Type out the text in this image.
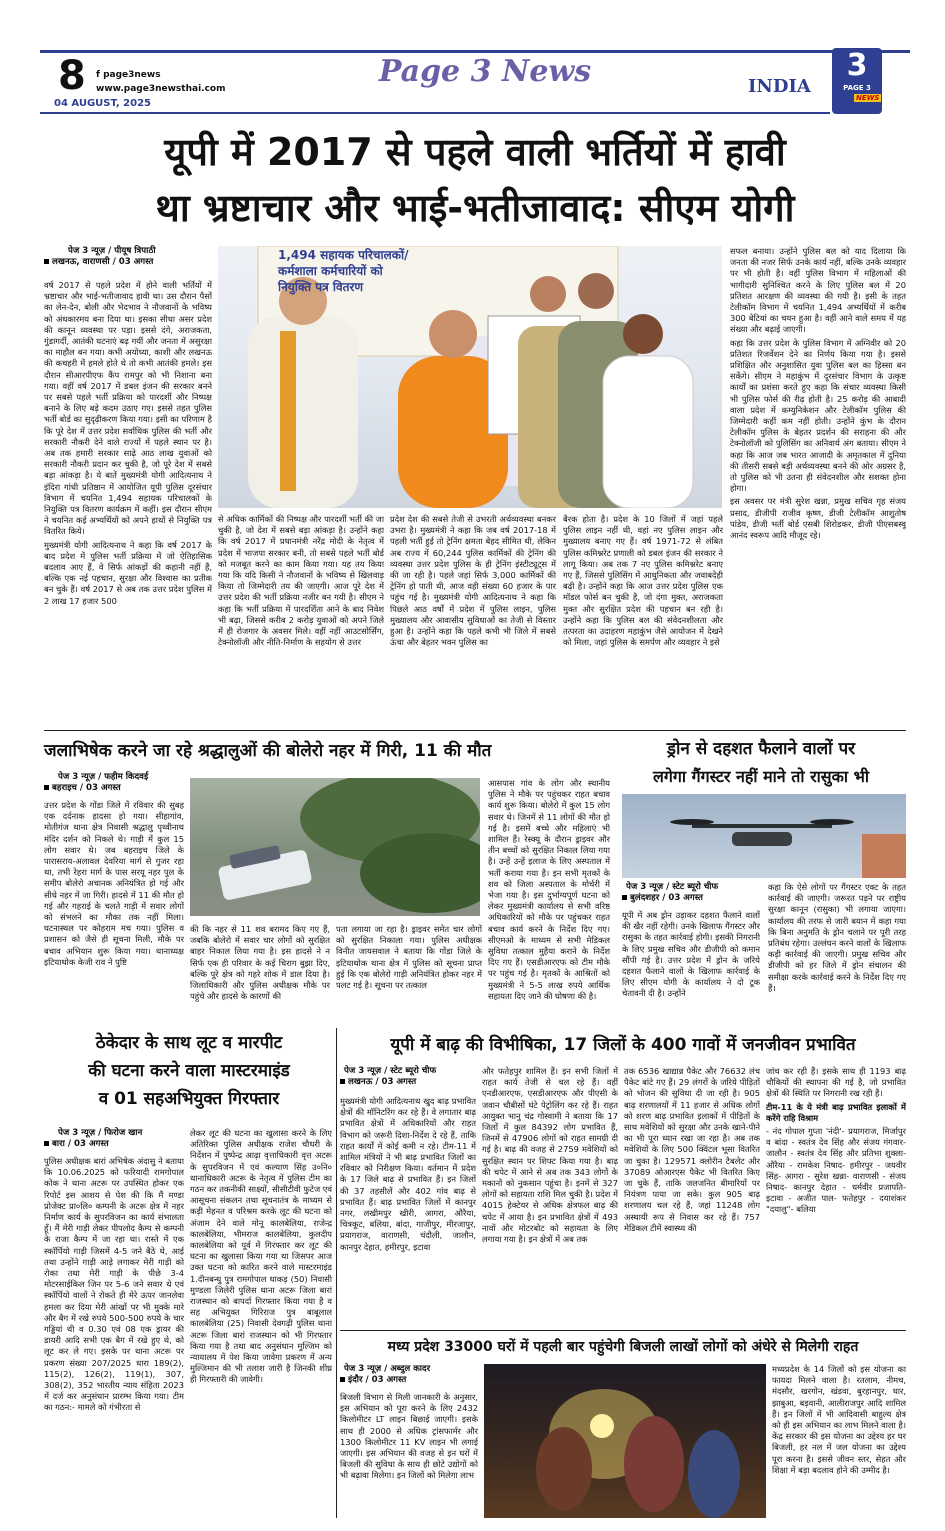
8 f page3news
www.page3newsthai.com
04 AUGUST, 2025
Page 3 News	INDIA
3
PAGE 3
NEWS
यूपी में 2017 से पहले वाली भर्तियों में हावी
था भ्रष्टाचार और भाई-भतीजावाद: सीएम योगी
पेज 3 न्यूज़ / पीयूष त्रिपाठी
लखनऊ, वाराणसी / 03 अगस्त

वर्ष 2017 से पहले प्रदेश में होने वाली भर्तियों में भ्रष्टाचार और भाई-भतीजावाद हावी था। उस दौरान पैसों का लेन-देन, बोली और भेदभाव ने नौजवानों के भविष्य को अंधकारमय बना दिया था। इसका सीधा असर प्रदेश की कानून व्यवस्था पर पड़ा। इससे दंगे, अराजकता, गुंडागर्दी, आतंकी घटनाएं बढ़ गयीं और जनता में असुरक्षा का माहौल बन गया। कभी अयोध्या, काशी और लखनऊ की कचहरी में हमले होते थे तो कभी आतंकी हमले। इस दौरान सीआरपीएफ कैंप रामपुर को भी निशाना बना गया। वहीं वर्ष 2017 में डबल इंजन की सरकार बनने पर सबसे पहले भर्ती प्रक्रिया को पारदर्शी और निष्पक्ष बनाने के लिए बड़े कदम उठाए गए। इससे तहत पुलिस भर्ती बोर्ड का सुदृढ़ीकरण किया गया। इसी का परिणाम है कि पूरे देश में उत्तर प्रदेश सर्वाधिक पुलिस की भर्ती और सरकारी नौकरी देने वाले राज्यों में पहले स्थान पर है। अब तक हमारी सरकार साढ़े आठ लाख युवाओं को सरकारी नौकरी प्रदान कर चुकी है, जो पूरे देश में सबसे बड़ा आंकड़ा है। ये बातें मुख्यमंत्री योगी आदित्यनाथ ने इंदिरा गांधी प्रतिष्ठान में आयोजित यूपी पुलिस दूरसंचार विभाग में चयनित 1,494 सहायक परिचालकों के नियुक्ति पत्र वितरण कार्यक्रम में कहीं। इस दौरान सीएम ने चयनित कई अभ्यर्थियों को अपने हाथों से नियुक्ति पत्र वितरित किये।

मुख्यमंत्री योगी आदित्यनाथ ने कहा कि वर्ष 2017 के बाद प्रदेश में पुलिस भर्ती प्रक्रिया में जो ऐतिहासिक बदलाव आए हैं, वे सिर्फ आंकड़ों की कहानी नहीं हैं, बल्कि एक नई पहचान, सुरक्षा और विश्वास का प्रतीक बन चुके हैं। वर्ष 2017 से अब तक उत्तर प्रदेश पुलिस में 2 लाख 17 हजार 500

1,494 सहायक परिचालकों/
कर्मशाला कर्मचारियों को
नियुक्ति पत्र वितरण
से अधिक कार्मिकों की निष्पक्ष और पारदर्शी भर्ती की जा चुकी है, जो देश में सबसे बड़ा आंकड़ा है। उन्होंने कहा कि वर्ष 2017 में प्रधानमंत्री नरेंद्र मोदी के नेतृत्व में प्रदेश में भाजपा सरकार बनी, तो सबसे पहले भर्ती बोर्ड को मजबूत करने का काम किया गया। यह तय किया गया कि यदि किसी ने नौजवानों के भविष्य से खिलवाड़ किया तो जिम्मेदारी तय की जाएगी। आज पूरे देश में उत्तर प्रदेश की भर्ती प्रक्रिया नजीर बन गयी है। सीएम ने कहा कि भर्ती प्रक्रिया में पारदर्शिता आने के बाद निवेश भी बढ़ा, जिससे करीब 2 करोड़ युवाओं को अपने जिले में ही रोजगार के अवसर मिले। वहीं नहीं आउटसोर्सिंग, टेक्नोलॉजी और नीति-निर्माण के सहयोग से उत्तर
प्रदेश देश की सबसे तेजी से उभरती अर्थव्यवस्था बनकर उभरा है। मुख्यमंत्री ने कहा कि जब वर्ष 2017-18 में पहली भर्ती हुई तो ट्रेनिंग क्षमता बेहद सीमित थी, लेकिन अब राज्य में 60,244 पुलिस कार्मिकों की ट्रेनिंग की व्यवस्था उत्तर प्रदेश पुलिस के ही ट्रेनिंग इंस्टीट्यूट्स में की जा रही है। पहले जहां सिर्फ 3,000 कार्मिकों की ट्रेनिंग हो पाती थी, आज वही संख्या 60 हजार के पार पहुंच गई है। मुख्यमंत्री योगी आदित्यनाथ ने कहा कि पिछले आठ वर्षों में प्रदेश में पुलिस लाइन, पुलिस मुख्यालय और आवासीय सुविधाओं का तेजी से विस्तार हुआ है। उन्होंने कहा कि पहले कभी भी जिले में सबसे ऊंचा और बेहतर भवन पुलिस का
बैरक होता है। प्रदेश के 10 जिलों में जहां पहले पुलिस लाइन नहीं थी, वहां नए पुलिस लाइन और मुख्यालय बनाए गए हैं। वर्ष 1971-72 से लंबित पुलिस कमिश्नरेट प्रणाली को डबल इंजन की सरकार ने लागू किया। अब तक 7 नए पुलिस कमिश्नरेट बनाए गए हैं, जिससे पुलिसिंग में आधुनिकता और जवाबदेही बढ़ी है। उन्होंने कहा कि आज उत्तर प्रदेश पुलिस एक मॉडल फोर्स बन चुकी है, जो दंगा मुक्त, अराजकता मुक्त और सुरक्षित प्रदेश की पहचान बन रही है। उन्होंने कहा कि पुलिस बल की संवेदनशीलता और तत्परता का उदाहरण महाकुंभ जैसे आयोजन में देखने को मिला, जहां पुलिस के समर्पण और व्यवहार ने इसे

सफल बनाया। उन्होंने पुलिस बल को याद दिलाया कि जनता की नजर सिर्फ उनके कार्य नहीं, बल्कि उनके व्यवहार पर भी होती है। वहीं पुलिस विभाग में महिलाओं की भागीदारी सुनिश्चित करने के लिए पुलिस बल में 20 प्रतिशत आरक्षण की व्यवस्था की गयी है। इसी के तहत टेलीकॉम विभाग में चयनित 1,494 अभ्यर्थियों में करीब 300 बेटियां का चयन हुआ है। वहीं आने वाले समय में यह संख्या और बढ़ाई जाएगी।

कहा कि उत्तर प्रदेश के पुलिस विभाग में अग्निवीर को 20 प्रतिशत रिजर्वेशन देने का निर्णय किया गया है। इससे प्रशिक्षित और अनुशासित युवा पुलिस बल का हिस्सा बन सकेंगे। सीएम ने महाकुंभ में दूरसंचार विभाग के उत्कृष्ट कार्यों का प्रशंसा करते हुए कहा कि संचार व्यवस्था किसी भी पुलिस फोर्स की रीढ़ होती है। 25 करोड़ की आबादी वाला प्रदेश में कम्युनिकेशन और टेलीकॉम पुलिस की जिम्मेदारी कहीं कम नहीं होती। उन्होंने कुंभ के दौरान टेलीकॉम पुलिस के बेहतर प्रदर्शन की सराहना की और टेक्नोलॉजी को पुलिसिंग का अनिवार्य अंग बताया। सीएम ने कहा कि आज जब भारत आजादी के अमृतकाल में दुनिया की तीसरी सबसे बड़ी अर्थव्यवस्था बनने की ओर अग्रसर है, तो पुलिस को भी उतना ही संवेदनशील और सशक्त होना होगा।

इस अवसर पर मंत्री सुरेश खन्ना, प्रमुख सचिव गृह संजय प्रसाद, डीजीपी राजीव कृष्ण, डीजी टेलीकॉम आशुतोष पांडेय, डीजी भर्ती बोर्ड एसबी शिरोडकर, डीजी पीएसबस्वू आनंद स्वरूप आदि मौजूद रहे।

जलाभिषेक करने जा रहे श्रद्धालुओं की बोलेरो नहर में गिरी, 11 की मौत
पेज 3 न्यूज़ / फहीम किदवई
बहराइच / 03 अगस्त
उत्तर प्रदेश के गोंडा जिले में रविवार की सुबह एक दर्दनाक हादसा हो गया। सीहागांव, मोतीगंज थाना क्षेत्र निवासी श्रद्धालु पृथ्वीनाथ मंदिर दर्शन को निकले थे। गाड़ी में कुल 15 लोग सवार थे। जब बहराइच जिले के पारासराय-अलावल देवरिया मार्ग से गुजर रहा था, तभी रेहरा मार्ग के पास सरयू नहर पुल के समीप बोलेरो अचानक अनियंत्रित हो गई और सीधे नहर में जा गिरी। हादसे में 11 की मौत हो गई और गहराई के चलते गाड़ी में सवार लोगों को संभलने का मौका तक नहीं मिला। घटनास्थल पर कोहराम मच गया। पुलिस व प्रशासन को जैसे ही सूचना मिली, मौके पर बचाव अभियान शुरू किया गया। थानाध्यक्ष इटियाथोक केजी राव ने पुष्टि
की कि नहर से 11 शव बरामद किए गए हैं, जबकि बोलेरो में सवार चार लोगों को सुरक्षित बाहर निकाल लिया गया है। इस हादसे ने न सिर्फ एक ही परिवार के कई चिराग बुझा दिए, बल्कि पूरे क्षेत्र को गहरे शोक में डाल दिया है। जिलाधिकारी और पुलिस अधीक्षक मौके पर पहुंचे और हादसे के कारणों की
पता लगाया जा रहा है। ड्राइवर समेत चार लोगों को सुरक्षित निकाला गया। पुलिस अधीक्षक विनीत जायसवाल ने बताया कि गोंडा जिले के इटियाथोक थाना क्षेत्र में पुलिस को सूचना प्राप्त हुई कि एक बोलेरो गाड़ी अनियंत्रित होकर नहर में पलट गई है। सूचना पर तत्काल
आसपास गांव के लोग और स्थानीय पुलिस ने मौके पर पहुंचकर राहत बचाव कार्य शुरू किया। बोलेरो में कुल 15 लोग सवार थे। जिनमें से 11 लोगों की मौत हो गई है। इसमें बच्चे और महिलाएं भी शामिल हैं। रेस्क्यू के दौरान ड्राइवर और तीन बच्चों को सुरक्षित निकाल लिया गया है। उन्हें उन्हें इलाज के लिए अस्पताल में भर्ती कराया गया है। इन सभी मृतकों के शव को जिला अस्पताल के मोर्चरी में भेजा गया है। इस दुर्भाग्यपूर्ण घटना को लेकर मुख्यमंत्री कार्यालय से सभी वरिष्ठ अधिकारियों को मौके पर पहुंचकर राहत बचाव कार्य करने के निर्देश दिए गए। सीएमओ के माध्यम से सभी मेडिकल सुविधा तत्काल मुहैया कराने के निर्देश दिए गए हैं। एसडीआरएफ को टीम मौके पर पहुंच गई है। मृतकों के आश्रितों को मुख्यमंत्री ने 5-5 लाख रुपये आर्थिक सहायता दिए जाने की घोषणा की है।
ड्रोन से दहशत फैलाने वालों पर
लगेगा गैंगस्टर नहीं माने तो रासुका भी
पेज 3 न्यूज़ / स्टेट ब्यूरो चीफ
बुलंदशहर / 03 अगस्त
यूपी में अब ड्रोन उड़ाकर दहशत फैलाने वालों की खैर नहीं रहेगी। उनके खिलाफ गैंगस्टर और रासुका के तहत कार्रवाई होगी। इसकी निगरानी के लिए प्रमुख सचिव और डीजीपी को कमान सौंपी गई है। उत्तर प्रदेश में ड्रोन के जरिये दहशत फैलाने वालों के खिलाफ कार्रवाई के लिए सीएम योगी के कार्यालय ने दो टूक चेतावनी दी है। उन्होंने
कहा कि ऐसे लोगों पर गैंगस्टर एक्ट के तहत कार्रवाई की जाएगी। जरूरत पड़ने पर राष्ट्रीय सुरक्षा कानून (रासुका) भी लगाया जाएगा। कार्यालय की तरफ से जारी बयान में कहा गया कि बिना अनुमति के ड्रोन चलाने पर पूरी तरह प्रतिबंध रहेगा। उल्लंघन करने वालों के खिलाफ कड़ी कार्रवाई की जाएगी। प्रमुख सचिव और डीजीपी को हर जिले में ड्रोन संचालन की समीक्षा करके कार्रवाई करने के निर्देश दिए गए हैं।
ठेकेदार के साथ लूट व मारपीट
की घटना करने वाला मास्टरमाइंड
व 01 सहअभियुक्त गिरफ्तार
पेज 3 न्यूज़ / फिरोज खान
बारा / 03 अगस्त
पुलिस अधीक्षक बारां अभिषेक अंदासु ने बताया कि 10.06.2025 को फरियादी रामगोपाल कोक ने थाना अटरू पर उपस्थित होकर एक रिपोर्ट इस आशय से पेश की कि मैं मण्डा प्रोजेक्ट प्रा०लि० कम्पनी के अटरू क्षेत्र में नहर निर्माण कार्य के सुपरविजन का कार्य संभालता हूँ। मैं मेरी गाड़ी लेकर पीपलोद कैम्प से कम्पनी के राजा कैम्प में जा रहा था। रास्ते में एक स्कॉर्पियो गाड़ी जिसमें 4-5 जने बैठे थे, आई तथा उन्होंने गाड़ी आड़े लगाकर मेरी गाड़ी को रोका तथा मेरी गाड़ी के पीछे 3-4 मोटरसाईकिल जिन पर 5-6 जने सवार थे एवं स्कॉर्पियो वालों ने रोकते ही मेरे ऊपर जानलेवा हमला कर दिया मेरी आंखों पर भी मुक्के मारे और बैग में रखे रुपये 500-500 रुपये के चार गड्डियां थी व 0.30 एवं 08 एक ड्रायर की डायरी आदि सभी एक बैग में रखे हुए थे, को लूट कर ले गए। इसके पर थाना अटरू पर प्रकरण संख्या 207/2025 धारा 189(2), 115(2), 126(2), 119(1), 307, 308(2), 352 भारतीय न्याय संहिता 2023 में दर्ज कर अनुसंधान प्रारम्भ किया गया। टीम का गठन:- मामले को गंभीरता से
लेकर लूट की घटना का खुलासा करने के लिए अतिरिक्त पुलिस अधीक्षक राजेश चौधरी के निर्देशन में पुष्पेन्द्र आढ़ा वृत्ताधिकारी वृत्त अटरू के सुपरविजन में एवं कल्याण सिंह उ०नि० थानाधिकारी अटरू के नेतृत्व में पुलिस टीम का गठन कर तकनीकी साक्ष्यों, सीसीटीवी फुटेज एवं आसूचना संकलन तथा सूचनातंत्र के माध्यम से कड़ी मेहनत व परिश्रम करके लूट की घटना को अंजाम देने वाले मोनू कालबेलिया, राजेन्द्र कालबेलिया, भीमराज कालबेलिया, कुलदीप कालबेलिया को पूर्व में गिरफ्तार कर लूट की घटना का खुलासा किया गया था जिसपर आज उक्त घटना को कारित करने वाले मास्टरमाइंड 1.दीनबन्धु पुत्र रामगोपाल धाकड़ (50) निवासी मुण्डला जिलेरी पुलिस थाना अटरू जिला बारां राजस्थान को बापर्दा गिरफ्तार किया गया है व सह अभियुक्त गिरिराज पुत्र बाबूलाल कालबेलिया (25) निवासी देवगढ़ी पुलिस थाना अटरू जिला बारां राजस्थान को भी गिरफ्तार किया गया है तथा बाद अनुसंधान मुल्जिम को न्यायालय में पेश किया जावेगा प्रकरण में अन्य मुल्जिमान की भी तलाश जारी है जिनकी शीघ्र ही गिरफ्तारी की जावेगी।
यूपी में बाढ़ की विभीषिका, 17 जिलों के 400 गावों में जनजीवन प्रभावित
पेज 3 न्यूज़ / स्टेट ब्यूरो चीफ
लखनऊ / 03 अगस्त
मुख्यमंत्री योगी आदित्यनाथ खुद बाढ़ प्रभावित क्षेत्रों की मॉनिटरिंग कर रहे हैं। वे लगातार बाढ़ प्रभावित क्षेत्रों में अधिकारियों और राहत विभाग को जरूरी दिशा-निर्देश दे रहे हैं, ताकि राहत कार्यों में कोई कमी न रहे। टीम-11 में शामिल मंत्रियों ने भी बाढ़ प्रभावित जिलों का रविवार को निरीक्षण किया। वर्तमान में प्रदेश के 17 जिले बाढ़ से प्रभावित हैं। इन जिलों की 37 तहसीलें और 402 गांव बाढ़ से प्रभावित हैं। बाढ़ प्रभावित जिलों में कानपुर नगर, लखीमपुर खीरी, आगरा, औरैया, चित्रकूट, बलिया, बांदा, गाजीपुर, मीरजापुर, प्रयागराज, वाराणसी, चंदौली, जालौन, कानपुर देहात, हमीरपुर, इटावा
और फतेहपुर शामिल हैं। इन सभी जिलों में राहत कार्य तेजी से चल रहे हैं। वहीं एनडीआरएफ, एसडीआरएफ और पीएसी के जवान चौबीसों घंटे पेट्रोलिंग कर रहे हैं। राहत आयुक्त भानु चंद्र गोस्वामी ने बताया कि 17 जिलों में कुल 84392 लोग प्रभावित हैं, जिनमें से 47906 लोगों को राहत सामग्री दी गई है। बाढ़ की वजह से 2759 मवेशियों को सुरक्षित स्थान पर शिफ्ट किया गया है। बाढ़ की चपेट में आने से अब तक 343 लोगों के मकानों को नुकसान पहुंचा है। इनमें से 327 लोगों को सहायता राशि मिल चुकी है। प्रदेश में 4015 हेक्टेयर से अधिक क्षेत्रफल बाढ़ की चपेट में आया है। इन प्रभावित क्षेत्रों में 493 नावों और मोटरबोट को सहायता के लिए लगाया गया है। इन क्षेत्रों में अब तक
तक 6536 खाद्यान्न पैकेट और 76632 लंच पैकेट बांटे गए हैं। 29 लंगरों के जरिये पीड़ितों को भोजन की सुविधा दी जा रही है। 905 बाढ़ शरणालयों में 11 हजार से अधिक लोगों को शरण बाढ़ प्रभावित इलाकों में पीड़ितों के साथ मवेशियों को सुरक्षा और उनके खाने-पीने का भी पूरा ध्यान रखा जा रहा है। अब तक मवेशियों के लिए 500 क्विंटल भूसा वितरित जा चुका है। 129571 क्लोरीन टैबलेट और 37089 ओआरएस पैकेट भी वितरित किए जा चुके हैं, ताकि जलजनित बीमारियों पर नियंत्रण पाया जा सके। कुल 905 बाढ़ शरणालय चल रहे हैं, जहां 11248 लोग अस्थायी रूप से निवास कर रहे हैं। 757 मेडिकल टीमें स्वास्थ्य की

जांच कर रही हैं। इसके साथ ही 1193 बाढ़ चौकियों की स्थापना की गई है, जो प्रभावित क्षेत्रों की स्थिति पर निगरानी रख रही हैं।

टीम-11 के ये मंत्री बाढ़ प्रभावित इलाकों में करेंगे राहि विश्राम

- नंद गोपाल गुप्ता 'नंदी'- प्रयागराज, मिर्जापुर व बांदा - स्वतंत्र देव सिंह और संजय गंगवार- जालौन - स्वतंत्र देव सिंह और प्रतिभा शुक्ला- औरैया - रामकेश निषाद- हमीरपुर - जयवीर सिंह- आगरा - सुरेश खन्ना- वाराणसी - संजय निषाद- कानपुर देहात - धर्मवीर प्रजापति- इटावा - अजीत पाल- फतेहपुर - दयाशंकर "दयालु"- बलिया

मध्य प्रदेश 33000 घरों में पहली बार पहुंचेगी बिजली लाखों लोगों को अंधेरे से मिलेगी राहत
पेज 3 न्यूज़ / अब्दुल कादर
इंदौर / 03 अगस्त
बिजली विभाग से मिली जानकारी के अनुसार, इस अभियान को पूरा करने के लिए 2432 किलोमीटर LT लाइन बिछाई जाएगी। इसके साथ ही 2000 से अधिक ट्रांसफार्मर और 1300 किलोमीटर 11 KV लाइन भी लगाई जाएगी। इस अभियान की वजह से इन घरों में बिजली की सुविधा के साथ ही छोटे उद्योगों को भी बढ़ावा मिलेगा। इन जिलों को मिलेगा लाभ
मध्यप्रदेश के 14 जिलों को इस योजना का फायदा मिलने वाला है। रतलाम, नीमच, मंदसौर, खरगोन, खंडवा, बुरहानपुर, धार, झाबुआ, बड़वानी, आलीराजपुर आदि शामिल हैं। इन जिलों में भी आदिवासी बाहुल्य क्षेत्र को ही इस अभियान का लाभ मिलने वाला है। केंद्र सरकार की इस योजना का उद्देश्य हर घर बिजली, हर नल में जल योजना का उद्देश्य पूरा करना है। इससे जीवन स्तर, सेहत और शिक्षा में बड़ा बदलाव होने की उम्मीद है।
